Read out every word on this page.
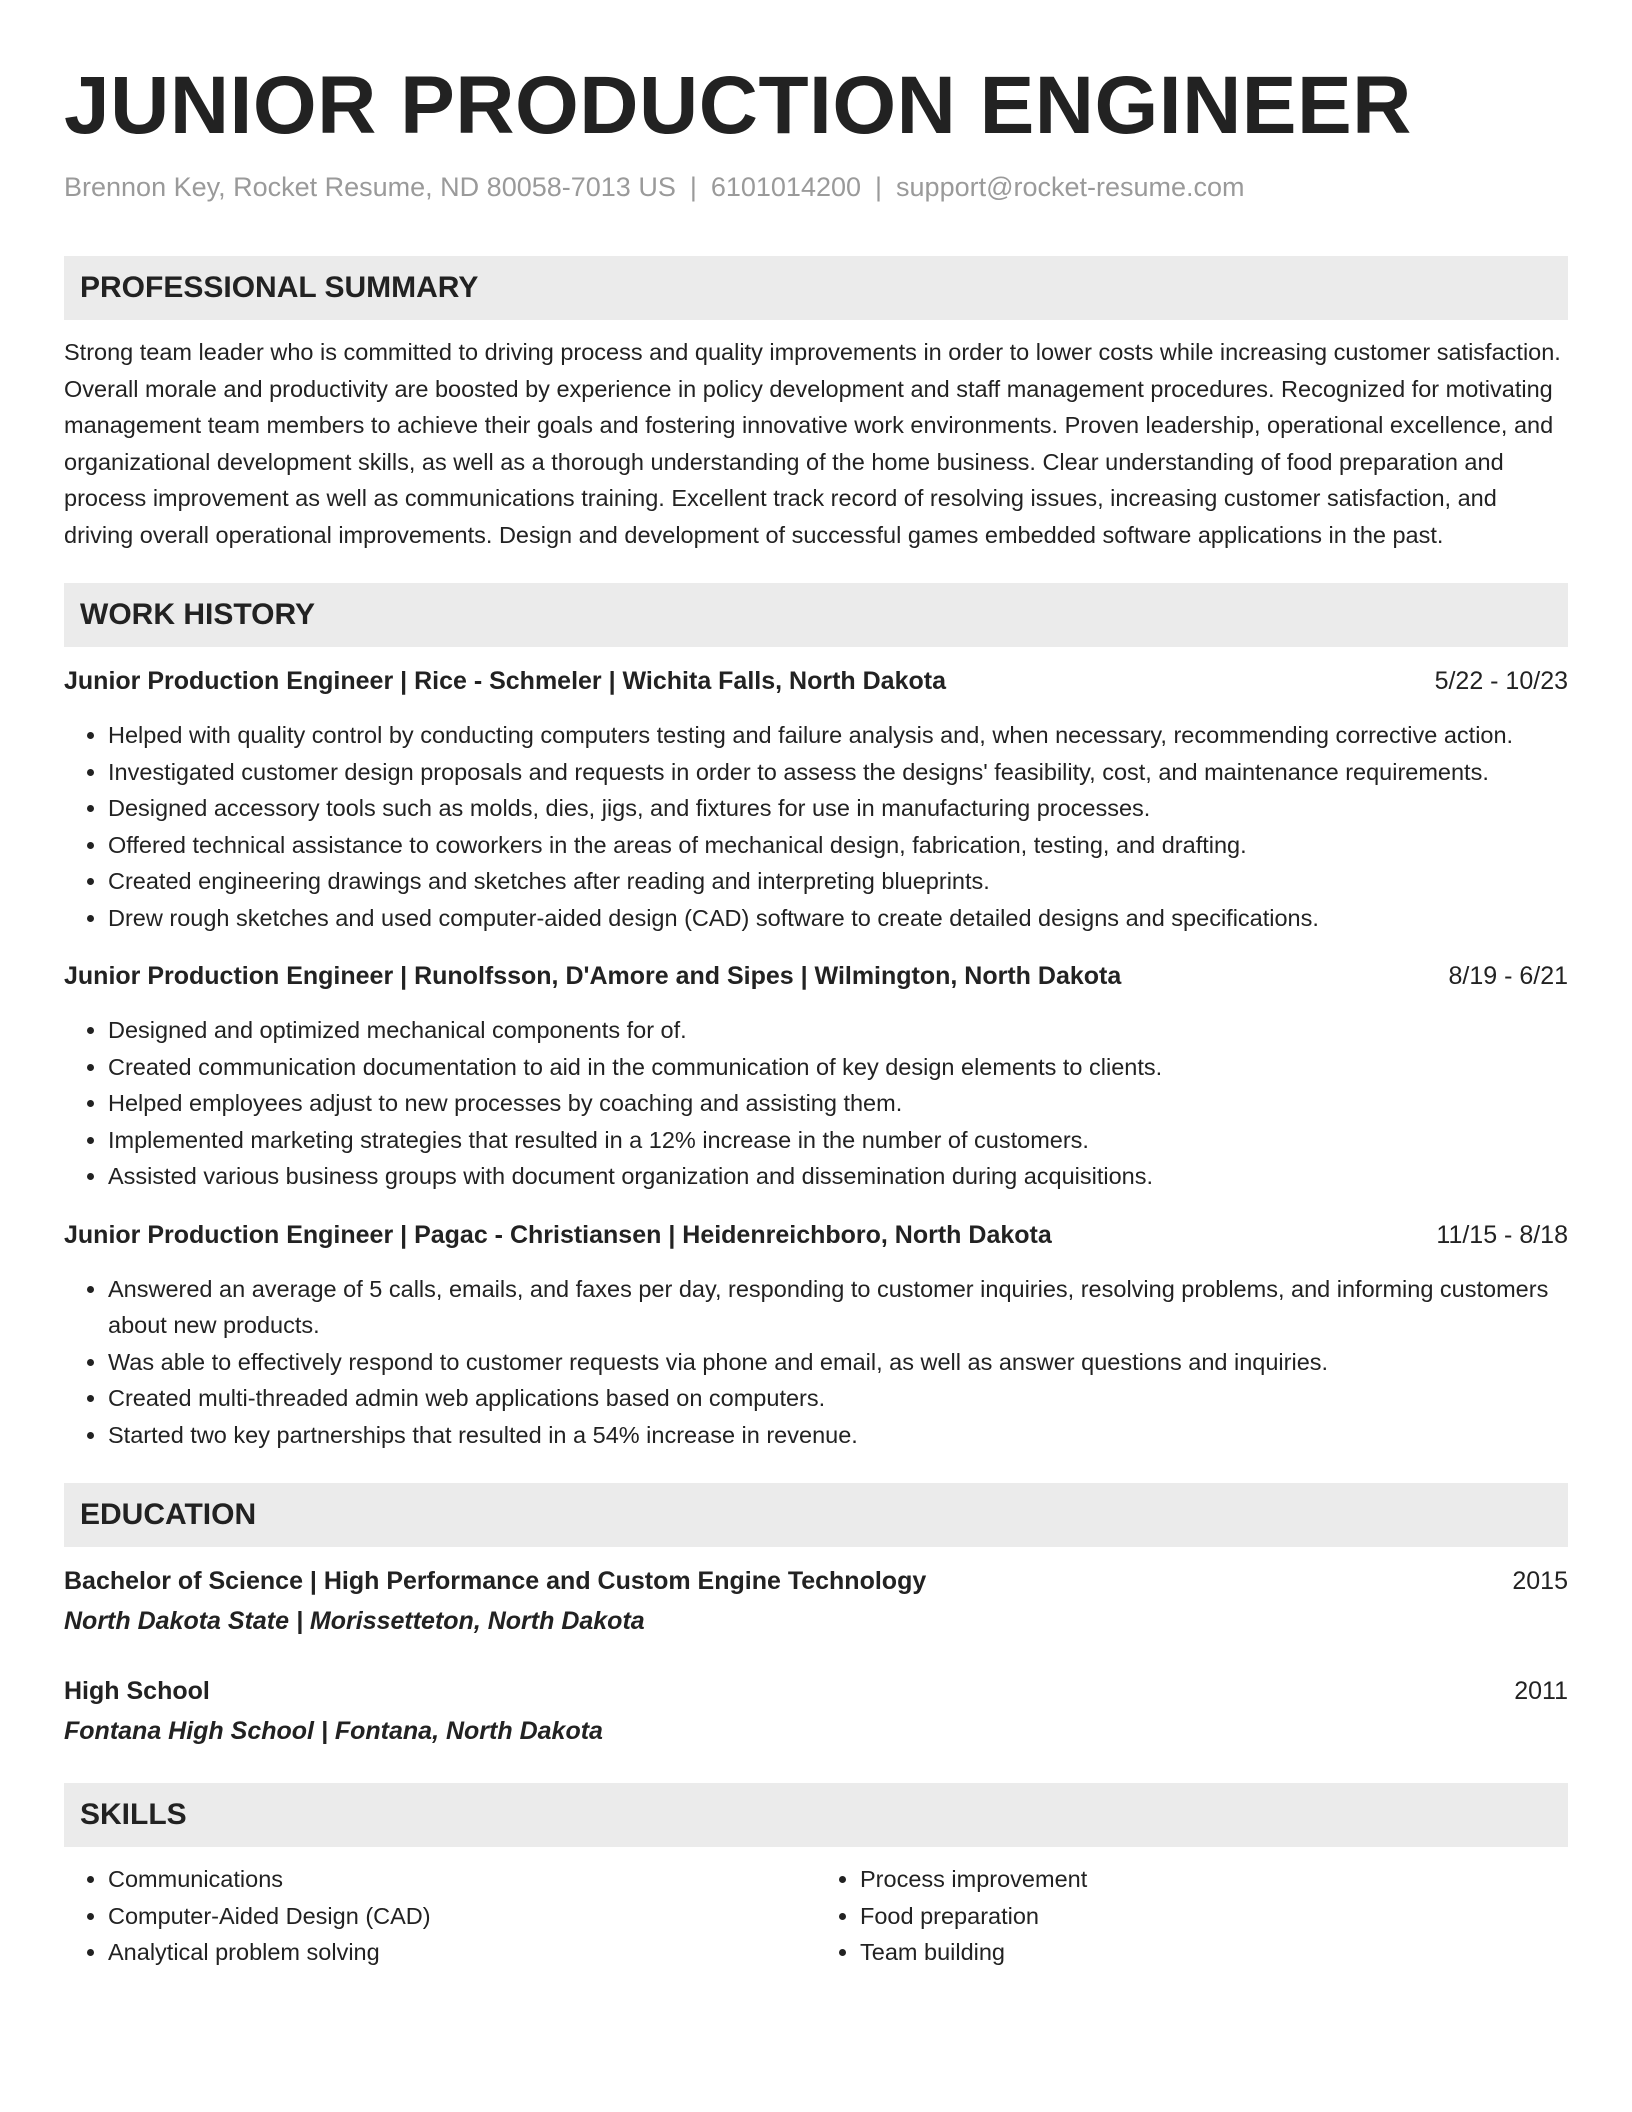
JUNIOR PRODUCTION ENGINEER
Brennon Key, Rocket Resume, ND 80058-7013 US | 6101014200 | support@rocket-resume.com
PROFESSIONAL SUMMARY
Strong team leader who is committed to driving process and quality improvements in order to lower costs while increasing customer satisfaction. Overall morale and productivity are boosted by experience in policy development and staff management procedures. Recognized for motivating management team members to achieve their goals and fostering innovative work environments. Proven leadership, operational excellence, and organizational development skills, as well as a thorough understanding of the home business. Clear understanding of food preparation and process improvement as well as communications training. Excellent track record of resolving issues, increasing customer satisfaction, and driving overall operational improvements. Design and development of successful games embedded software applications in the past.
WORK HISTORY
Junior Production Engineer | Rice - Schmeler | Wichita Falls, North Dakota	5/22 - 10/23
• Helped with quality control by conducting computers testing and failure analysis and, when necessary, recommending corrective action.
• Investigated customer design proposals and requests in order to assess the designs' feasibility, cost, and maintenance requirements.
• Designed accessory tools such as molds, dies, jigs, and fixtures for use in manufacturing processes.
• Offered technical assistance to coworkers in the areas of mechanical design, fabrication, testing, and drafting.
• Created engineering drawings and sketches after reading and interpreting blueprints.
• Drew rough sketches and used computer-aided design (CAD) software to create detailed designs and specifications.
Junior Production Engineer | Runolfsson, D'Amore and Sipes | Wilmington, North Dakota	8/19 - 6/21
• Designed and optimized mechanical components for of.
• Created communication documentation to aid in the communication of key design elements to clients.
• Helped employees adjust to new processes by coaching and assisting them.
• Implemented marketing strategies that resulted in a 12% increase in the number of customers.
• Assisted various business groups with document organization and dissemination during acquisitions.
Junior Production Engineer | Pagac - Christiansen | Heidenreichboro, North Dakota	11/15 - 8/18
• Answered an average of 5 calls, emails, and faxes per day, responding to customer inquiries, resolving problems, and informing customers about new products.
• Was able to effectively respond to customer requests via phone and email, as well as answer questions and inquiries.
• Created multi-threaded admin web applications based on computers.
• Started two key partnerships that resulted in a 54% increase in revenue.
EDUCATION
Bachelor of Science | High Performance and Custom Engine Technology	2015
North Dakota State | Morissetteton, North Dakota
High School	2011
Fontana High School | Fontana, North Dakota
SKILLS
• Communications
• Computer-Aided Design (CAD)
• Analytical problem solving
• Process improvement
• Food preparation
• Team building
